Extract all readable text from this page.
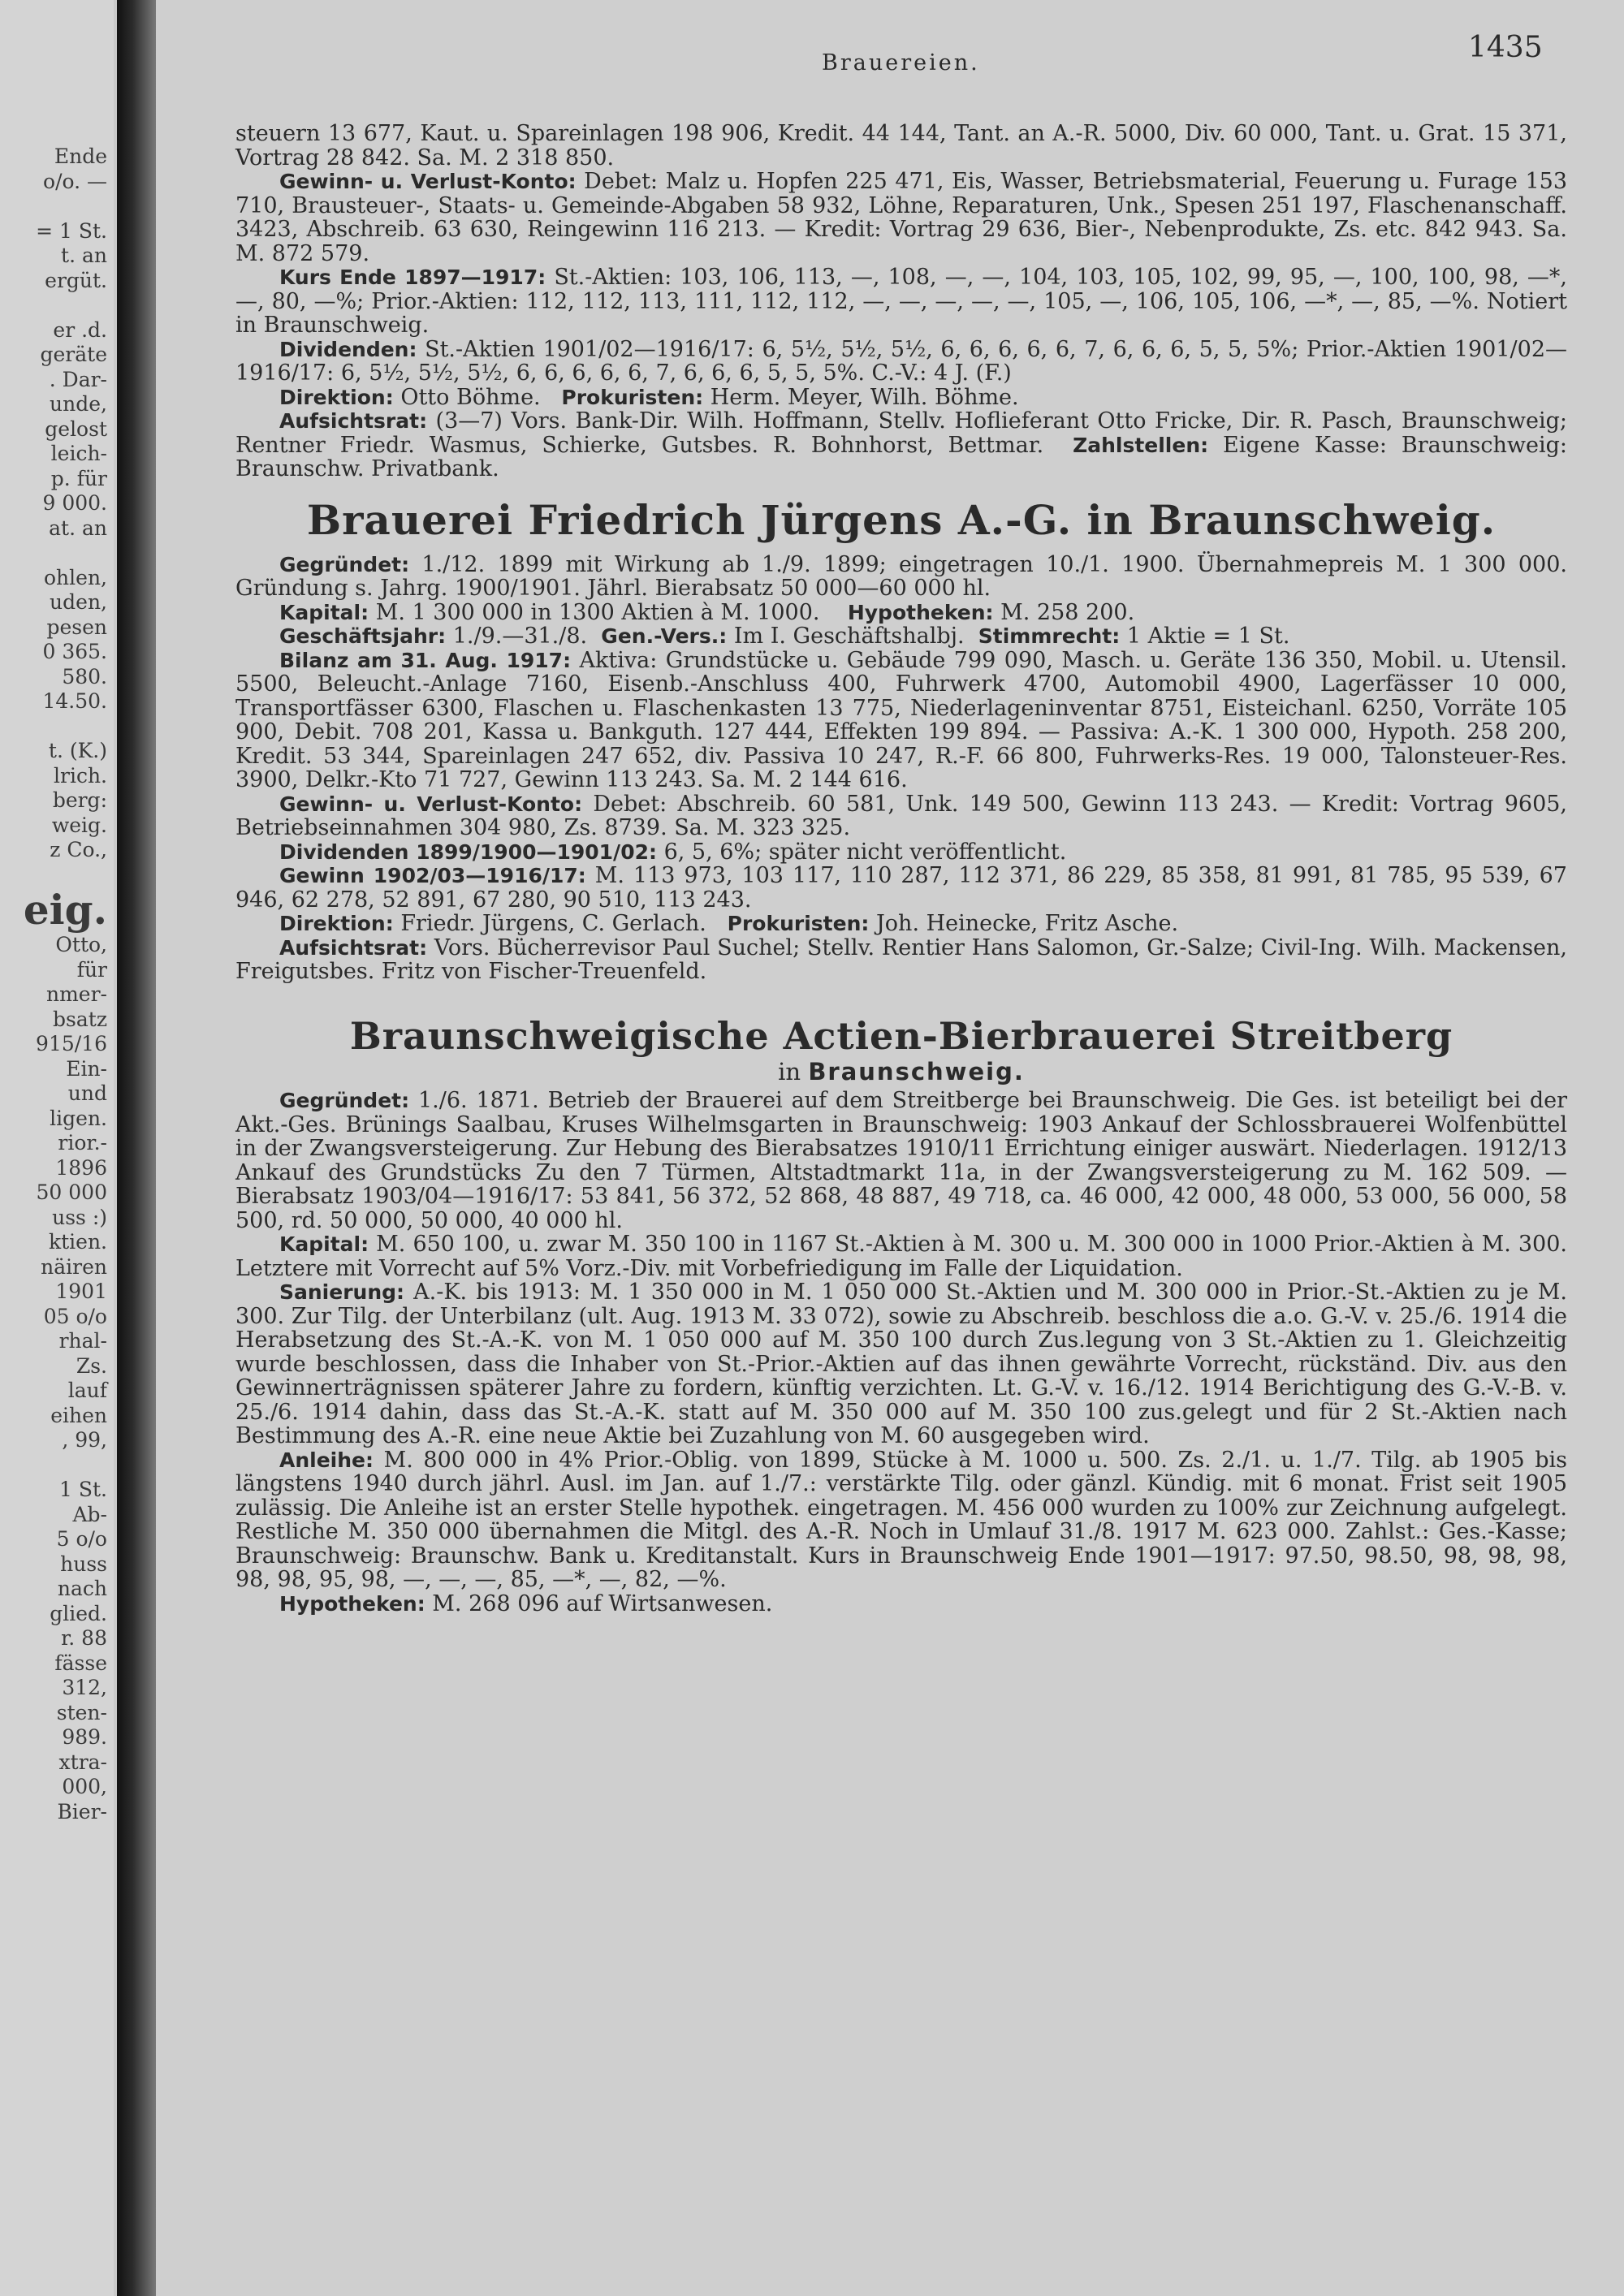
Ende
o/o. —
= 1 St.
t. an
ergüt.
er .d.
geräte
. Dar-
unde,
gelost
leich-
p. für
9 000.
at. an
ohlen,
uden,
pesen
0 365.
580.
14.50.
t. (K.)
lrich.
berg:
weig.
z Co.,
eig.
Otto,
für
nmer-
bsatz
915/16
Ein-
und
ligen.
rior.-
1896
50 000
uss :)
ktien.
näiren
1901
05 o/o
rhal-
Zs.
lauf
eihen
, 99,
1 St.
Ab-
5 o/o
huss
nach
glied.
r. 88
fässe
312,
sten-
989.
xtra-
000,
Bier-
Brauereien.	1435

steuern 13 677, Kaut. u. Spareinlagen 198 906, Kredit. 44 144, Tant. an A.-R. 5000, Div. 60 000, Tant. u. Grat. 15 371, Vortrag 28 842. Sa. M. 2 318 850.

Gewinn- u. Verlust-Konto: Debet: Malz u. Hopfen 225 471, Eis, Wasser, Betriebsmaterial, Feuerung u. Furage 153 710, Brausteuer-, Staats- u. Gemeinde-Abgaben 58 932, Löhne, Reparaturen, Unk., Spesen 251 197, Flaschenanschaff. 3423, Abschreib. 63 630, Reingewinn 116 213. — Kredit: Vortrag 29 636, Bier-, Nebenprodukte, Zs. etc. 842 943. Sa. M. 872 579.

Kurs Ende 1897—1917: St.-Aktien: 103, 106, 113, —, 108, —, —, 104, 103, 105, 102, 99, 95, —, 100, 100, 98, —*, —, 80, —%; Prior.-Aktien: 112, 112, 113, 111, 112, 112, —, —, —, —, —, 105, —, 106, 105, 106, —*, —, 85, —%. Notiert in Braunschweig.

Dividenden: St.-Aktien 1901/02—1916/17: 6, 5½, 5½, 5½, 6, 6, 6, 6, 6, 7, 6, 6, 6, 5, 5, 5%; Prior.-Aktien 1901/02—1916/17: 6, 5½, 5½, 5½, 6, 6, 6, 6, 6, 7, 6, 6, 6, 5, 5, 5%. C.-V.: 4 J. (F.)

Direktion: Otto Böhme. Prokuristen: Herm. Meyer, Wilh. Böhme.

Aufsichtsrat: (3—7) Vors. Bank-Dir. Wilh. Hoffmann, Stellv. Hoflieferant Otto Fricke, Dir. R. Pasch, Braunschweig; Rentner Friedr. Wasmus, Schierke, Gutsbes. R. Bohnhorst, Bettmar. Zahlstellen: Eigene Kasse: Braunschweig: Braunschw. Privatbank.

Brauerei Friedrich Jürgens A.-G. in Braunschweig.

Gegründet: 1./12. 1899 mit Wirkung ab 1./9. 1899; eingetragen 10./1. 1900. Übernahmepreis M. 1 300 000. Gründung s. Jahrg. 1900/1901. Jährl. Bierabsatz 50 000—60 000 hl.

Kapital: M. 1 300 000 in 1300 Aktien à M. 1000. Hypotheken: M. 258 200.

Geschäftsjahr: 1./9.—31./8. Gen.-Vers.: Im I. Geschäftshalbj. Stimmrecht: 1 Aktie = 1 St.

Bilanz am 31. Aug. 1917: Aktiva: Grundstücke u. Gebäude 799 090, Masch. u. Geräte 136 350, Mobil. u. Utensil. 5500, Beleucht.-Anlage 7160, Eisenb.-Anschluss 400, Fuhrwerk 4700, Automobil 4900, Lagerfässer 10 000, Transportfässer 6300, Flaschen u. Flaschenkasten 13 775, Niederlageninventar 8751, Eisteichanl. 6250, Vorräte 105 900, Debit. 708 201, Kassa u. Bankguth. 127 444, Effekten 199 894. — Passiva: A.-K. 1 300 000, Hypoth. 258 200, Kredit. 53 344, Spareinlagen 247 652, div. Passiva 10 247, R.-F. 66 800, Fuhrwerks-Res. 19 000, Talonsteuer-Res. 3900, Delkr.-Kto 71 727, Gewinn 113 243. Sa. M. 2 144 616.

Gewinn- u. Verlust-Konto: Debet: Abschreib. 60 581, Unk. 149 500, Gewinn 113 243. — Kredit: Vortrag 9605, Betriebseinnahmen 304 980, Zs. 8739. Sa. M. 323 325.

Dividenden 1899/1900—1901/02: 6, 5, 6%; später nicht veröffentlicht.

Gewinn 1902/03—1916/17: M. 113 973, 103 117, 110 287, 112 371, 86 229, 85 358, 81 991, 81 785, 95 539, 67 946, 62 278, 52 891, 67 280, 90 510, 113 243.

Direktion: Friedr. Jürgens, C. Gerlach. Prokuristen: Joh. Heinecke, Fritz Asche.

Aufsichtsrat: Vors. Bücherrevisor Paul Suchel; Stellv. Rentier Hans Salomon, Gr.-Salze; Civil-Ing. Wilh. Mackensen, Freigutsbes. Fritz von Fischer-Treuenfeld.

Braunschweigische Actien-Bierbrauerei Streitberg
in Braunschweig.

Gegründet: 1./6. 1871. Betrieb der Brauerei auf dem Streitberge bei Braunschweig. Die Ges. ist beteiligt bei der Akt.-Ges. Brünings Saalbau, Kruses Wilhelmsgarten in Braunschweig: 1903 Ankauf der Schlossbrauerei Wolfenbüttel in der Zwangsversteigerung. Zur Hebung des Bierabsatzes 1910/11 Errichtung einiger auswärt. Niederlagen. 1912/13 Ankauf des Grundstücks Zu den 7 Türmen, Altstadtmarkt 11a, in der Zwangsversteigerung zu M. 162 509. — Bierabsatz 1903/04—1916/17: 53 841, 56 372, 52 868, 48 887, 49 718, ca. 46 000, 42 000, 48 000, 53 000, 56 000, 58 500, rd. 50 000, 50 000, 40 000 hl.

Kapital: M. 650 100, u. zwar M. 350 100 in 1167 St.-Aktien à M. 300 u. M. 300 000 in 1000 Prior.-Aktien à M. 300. Letztere mit Vorrecht auf 5% Vorz.-Div. mit Vorbefriedigung im Falle der Liquidation.

Sanierung: A.-K. bis 1913: M. 1 350 000 in M. 1 050 000 St.-Aktien und M. 300 000 in Prior.-St.-Aktien zu je M. 300. Zur Tilg. der Unterbilanz (ult. Aug. 1913 M. 33 072), sowie zu Abschreib. beschloss die a.o. G.-V. v. 25./6. 1914 die Herabsetzung des St.-A.-K. von M. 1 050 000 auf M. 350 100 durch Zus.legung von 3 St.-Aktien zu 1. Gleichzeitig wurde beschlossen, dass die Inhaber von St.-Prior.-Aktien auf das ihnen gewährte Vorrecht, rückständ. Div. aus den Gewinnerträgnissen späterer Jahre zu fordern, künftig verzichten. Lt. G.-V. v. 16./12. 1914 Berichtigung des G.-V.-B. v. 25./6. 1914 dahin, dass das St.-A.-K. statt auf M. 350 000 auf M. 350 100 zus.gelegt und für 2 St.-Aktien nach Bestimmung des A.-R. eine neue Aktie bei Zuzahlung von M. 60 ausgegeben wird.

Anleihe: M. 800 000 in 4% Prior.-Oblig. von 1899, Stücke à M. 1000 u. 500. Zs. 2./1. u. 1./7. Tilg. ab 1905 bis längstens 1940 durch jährl. Ausl. im Jan. auf 1./7.: verstärkte Tilg. oder gänzl. Kündig. mit 6 monat. Frist seit 1905 zulässig. Die Anleihe ist an erster Stelle hypothek. eingetragen. M. 456 000 wurden zu 100% zur Zeichnung aufgelegt. Restliche M. 350 000 übernahmen die Mitgl. des A.-R. Noch in Umlauf 31./8. 1917 M. 623 000. Zahlst.: Ges.-Kasse; Braunschweig: Braunschw. Bank u. Kreditanstalt. Kurs in Braunschweig Ende 1901—1917: 97.50, 98.50, 98, 98, 98, 98, 98, 95, 98, —, —, —, 85, —*, —, 82, —%.

Hypotheken: M. 268 096 auf Wirtsanwesen.
